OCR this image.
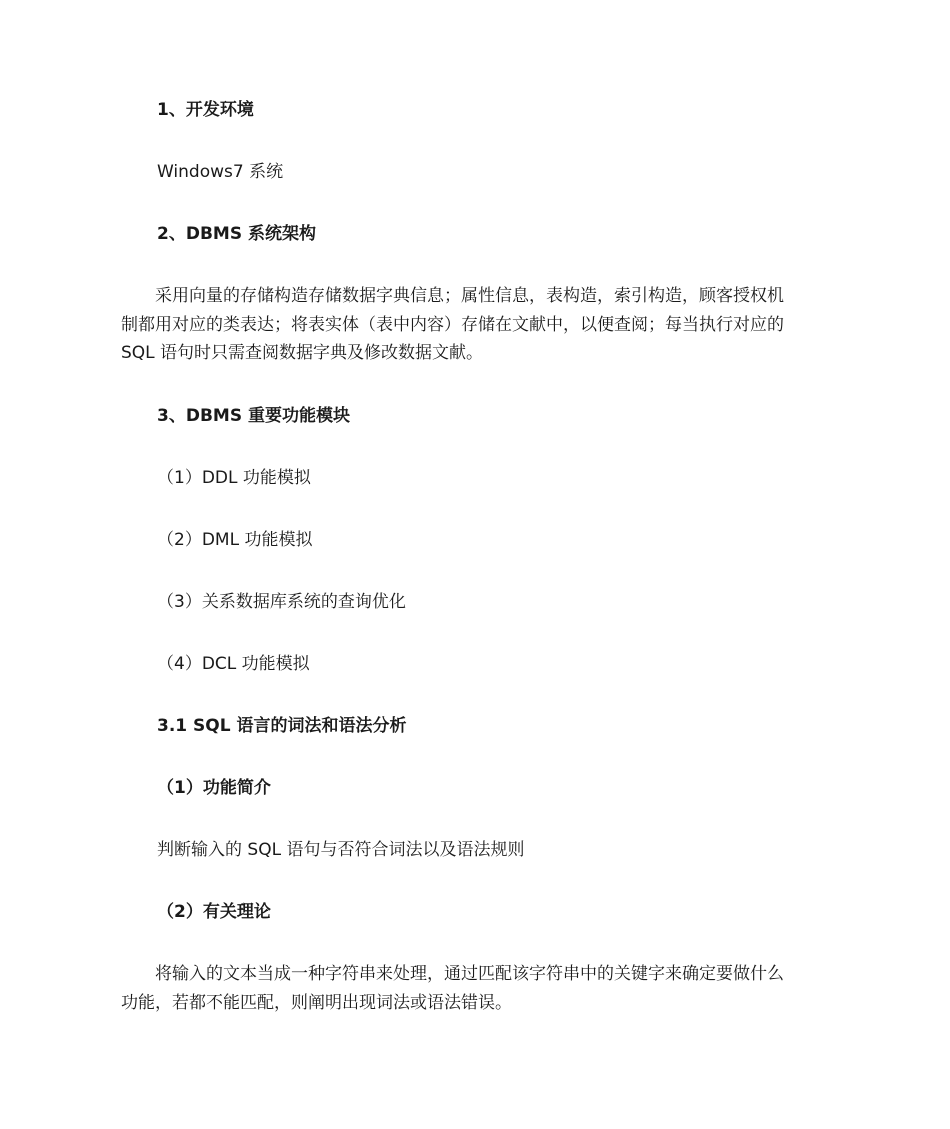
1、开发环境
Windows7 系统
2、DBMS 系统架构
　　采用向量的存储构造存储数据字典信息；属性信息，表构造，索引构造，顾客授权机
制都用对应的类表达；将表实体（表中内容）存储在文献中，以便查阅；每当执行对应的
SQL 语句时只需查阅数据字典及修改数据文献。
3、DBMS 重要功能模块
（1）DDL 功能模拟
（2）DML 功能模拟
（3）关系数据库系统的查询优化
（4）DCL 功能模拟
3.1 SQL 语言的词法和语法分析
（1）功能简介
判断输入的 SQL 语句与否符合词法以及语法规则
（2）有关理论
　　将输入的文本当成一种字符串来处理，通过匹配该字符串中的关键字来确定要做什么
功能，若都不能匹配，则阐明出现词法或语法错误。
